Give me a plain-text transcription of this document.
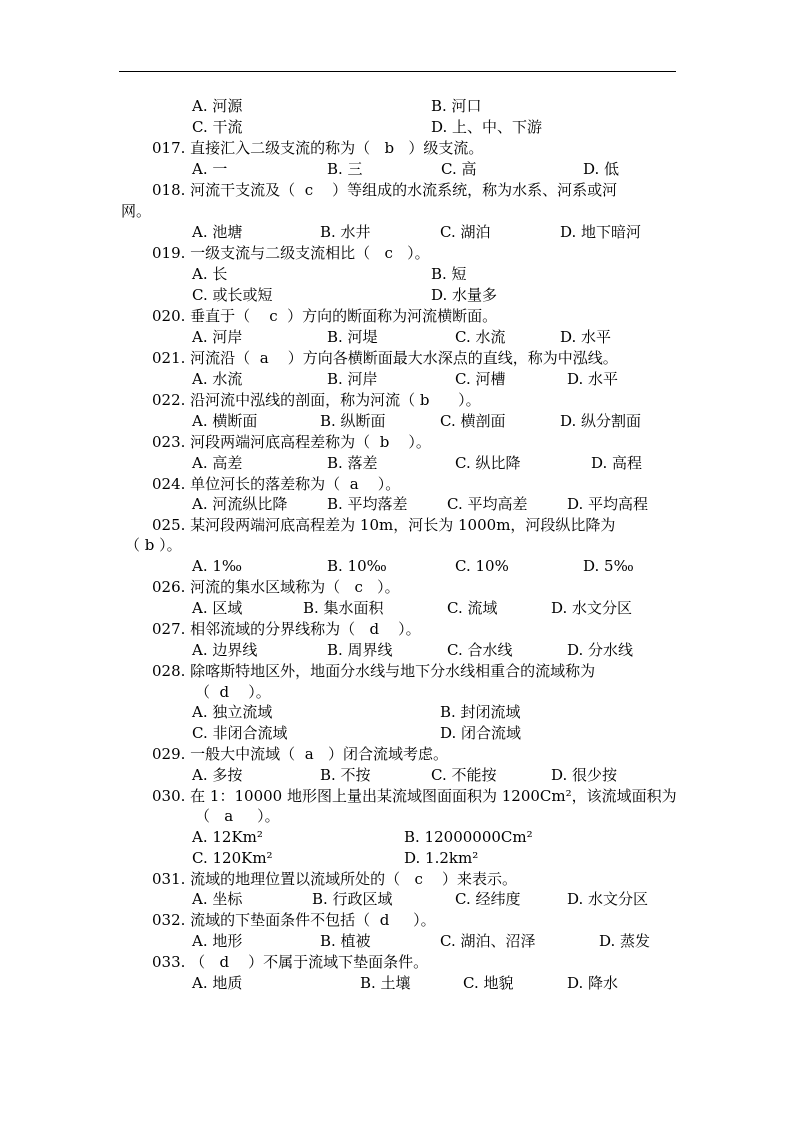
A. 河源	B. 河口
C. 干流	D. 上、中、下游
017. 直接汇入二级支流的称为（   b   ）级支流。
A. 一	B. 三	C. 高	D. 低
018. 河流干支流及（  c    ）等组成的水流系统，称为水系、河系或河
网。
A. 池塘	B. 水井	C. 湖泊	D. 地下暗河
019. 一级支流与二级支流相比（   c   ）。
A. 长	B. 短
C. 或长或短	D. 水量多
020. 垂直于（    c  ）方向的断面称为河流横断面。
A. 河岸	B. 河堤	C. 水流	D. 水平
021. 河流沿（  a    ）方向各横断面最大水深点的直线，称为中泓线。
A. 水流	B. 河岸	C. 河槽	D. 水平
022. 沿河流中泓线的剖面，称为河流（ b      ）。
A. 横断面	B. 纵断面	C. 横剖面	D. 纵分割面
023. 河段两端河底高程差称为（  b    ）。
A. 高差	B. 落差	C. 纵比降	D. 高程
024. 单位河长的落差称为（  a    ）。
A. 河流纵比降	B. 平均落差	C. 平均高差	D. 平均高程
025. 某河段两端河底高程差为 10m，河长为 1000m，河段纵比降为
（ b ）。
A. 1‰	B. 10‰	C. 10%	D. 5‰
026. 河流的集水区域称为（   c   ）。
A. 区域	B. 集水面积	C. 流域	D. 水文分区
027. 相邻流域的分界线称为（   d    ）。
A. 边界线	B. 周界线	C. 合水线	D. 分水线
028. 除喀斯特地区外，地面分水线与地下分水线相重合的流域称为
（  d    ）。
A. 独立流域	B. 封闭流域
C. 非闭合流域	D. 闭合流域
029. 一般大中流域（  a   ）闭合流域考虑。
A. 多按	B. 不按	C. 不能按	D. 很少按
030. 在 1：10000 地形图上量出某流域图面面积为 1200Cm²，该流域面积为
（   a     ）。
A. 12Km²	B. 12000000Cm²
C. 120Km²	D. 1.2km²
031. 流域的地理位置以流域所处的（   c    ）来表示。
A. 坐标	B. 行政区域	C. 经纬度	D. 水文分区
032. 流域的下垫面条件不包括（  d     ）。
A. 地形	B. 植被	C. 湖泊、沼泽	D. 蒸发
033. （   d    ）不属于流域下垫面条件。
A. 地质	B. 土壤	C. 地貌	D. 降水
